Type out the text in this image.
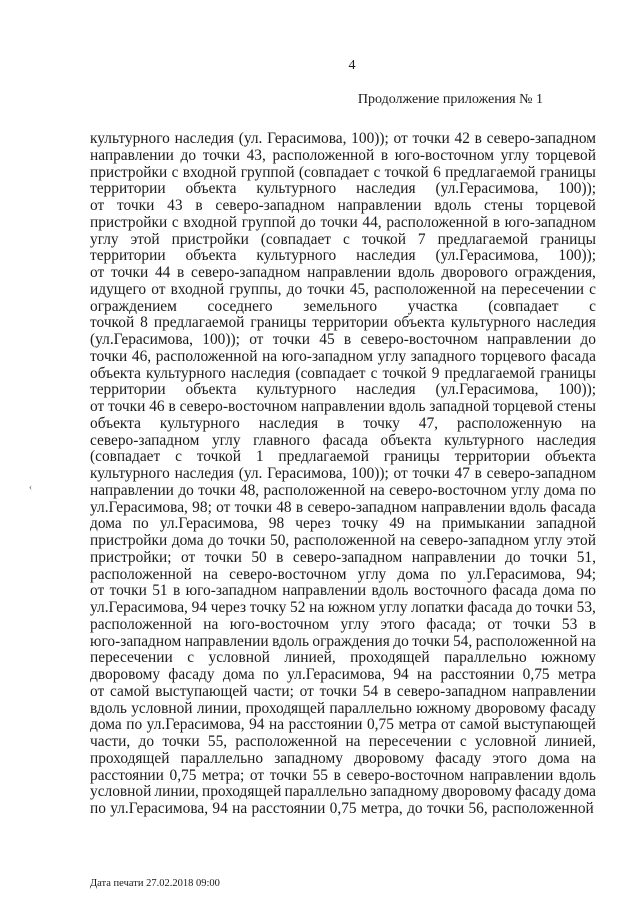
4
Продолжение приложения № 1
‹
культурного наследия (ул. Герасимова, 100)); от точки 42 в северо-западном
направлении до точки 43, расположенной в юго-восточном углу торцевой
пристройки с входной группой (совпадает с точкой 6 предлагаемой границы
территории объекта культурного наследия (ул.Герасимова, 100));
от точки 43 в северо-западном направлении вдоль стены торцевой
пристройки с входной группой до точки 44, расположенной в юго-западном
углу этой пристройки (совпадает с точкой 7 предлагаемой границы
территории объекта культурного наследия (ул.Герасимова, 100));
от точки 44 в северо-западном направлении вдоль дворового ограждения,
идущего от входной группы, до точки 45, расположенной на пересечении с
ограждением соседнего земельного участка (совпадает с
точкой 8 предлагаемой границы территории объекта культурного наследия
(ул.Герасимова, 100)); от точки 45 в северо-восточном направлении до
точки 46, расположенной на юго-западном углу западного торцевого фасада
объекта культурного наследия (совпадает с точкой 9 предлагаемой границы
территории объекта культурного наследия (ул.Герасимова, 100));
от точки 46 в северо-восточном направлении вдоль западной торцевой стены
объекта культурного наследия в точку 47, расположенную на
северо-западном углу главного фасада объекта культурного наследия
(совпадает с точкой 1 предлагаемой границы территории объекта
культурного наследия (ул. Герасимова, 100)); от точки 47 в северо-западном
направлении до точки 48, расположенной на северо-восточном углу дома по
ул.Герасимова, 98; от точки 48 в северо-западном направлении вдоль фасада
дома по ул.Герасимова, 98 через точку 49 на примыкании западной
пристройки дома до точки 50, расположенной на северо-западном углу этой
пристройки; от точки 50 в северо-западном направлении до точки 51,
расположенной на северо-восточном углу дома по ул.Герасимова, 94;
от точки 51 в юго-западном направлении вдоль восточного фасада дома по
ул.Герасимова, 94 через точку 52 на южном углу лопатки фасада до точки 53,
расположенной на юго-восточном углу этого фасада; от точки 53 в
юго-западном направлении вдоль ограждения до точки 54, расположенной на
пересечении с условной линией, проходящей параллельно южному
дворовому фасаду дома по ул.Герасимова, 94 на расстоянии 0,75 метра
от самой выступающей части; от точки 54 в северо-западном направлении
вдоль условной линии, проходящей параллельно южному дворовому фасаду
дома по ул.Герасимова, 94 на расстоянии 0,75 метра от самой выступающей
части, до точки 55, расположенной на пересечении с условной линией,
проходящей параллельно западному дворовому фасаду этого дома на
расстоянии 0,75 метра; от точки 55 в северо-восточном направлении вдоль
условной линии, проходящей параллельно западному дворовому фасаду дома
по ул.Герасимова, 94 на расстоянии 0,75 метра, до точки 56, расположенной
Дата печати 27.02.2018 09:00
